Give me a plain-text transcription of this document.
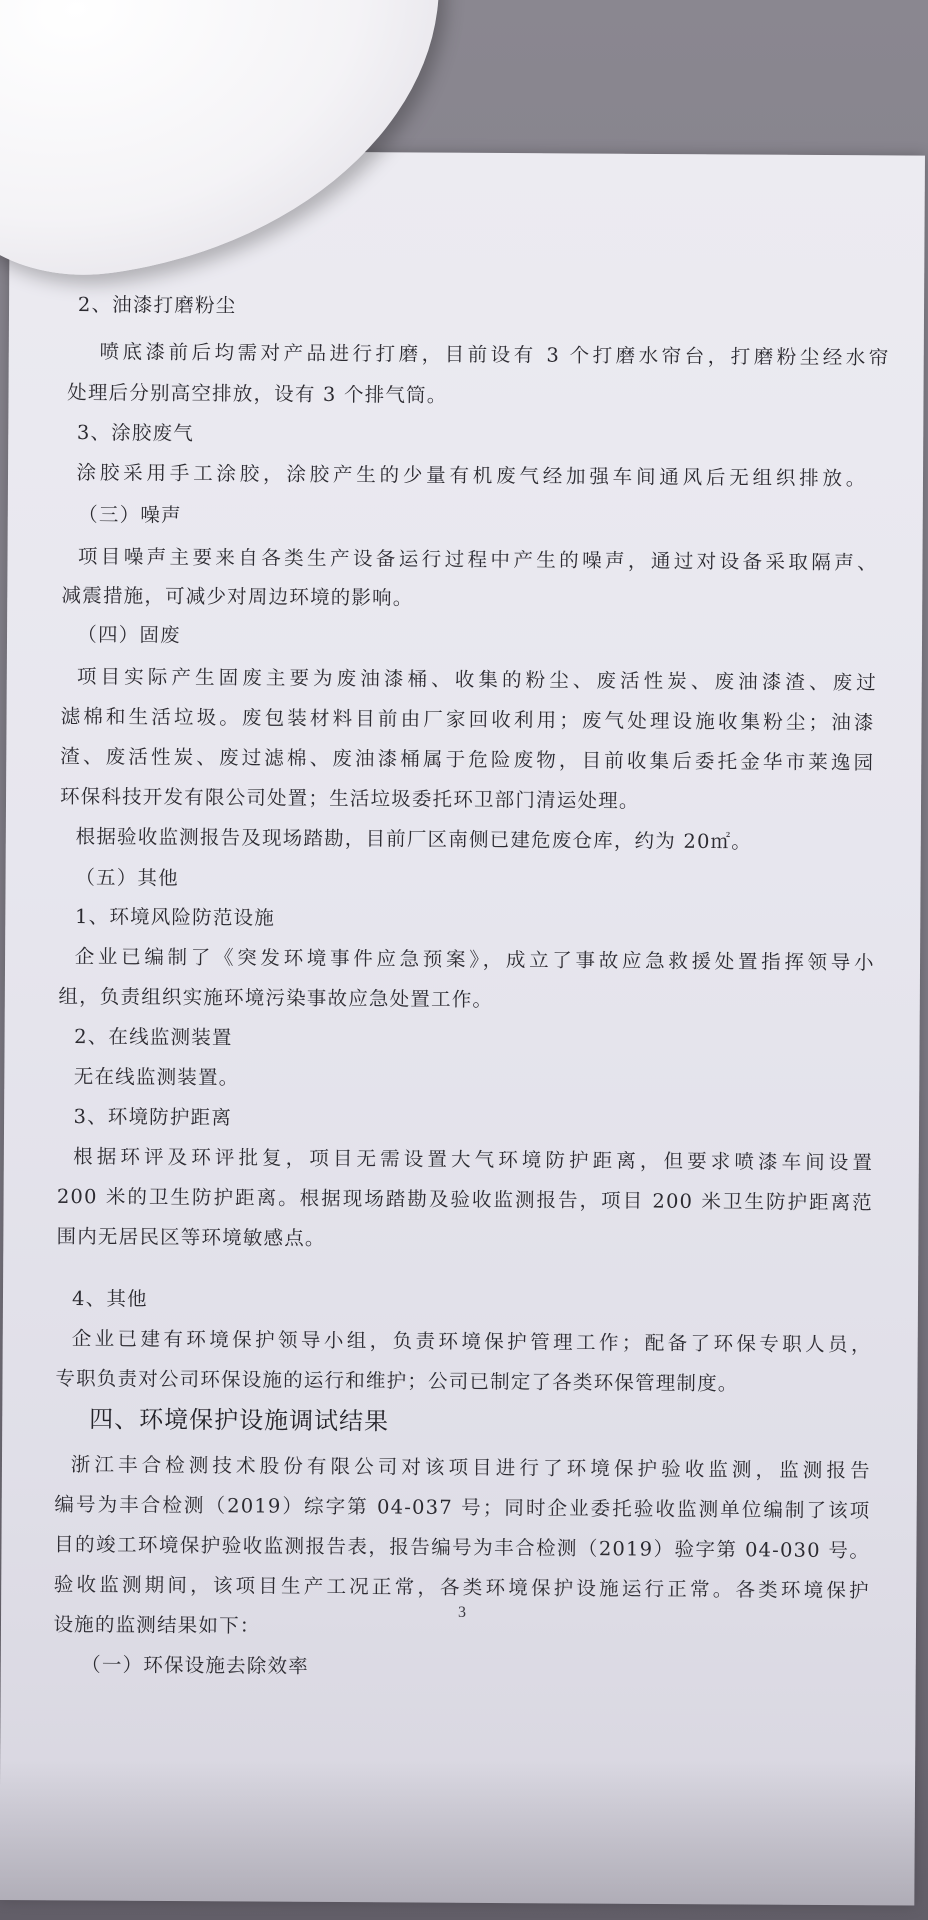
2、油漆打磨粉尘
喷底漆前后均需对产品进行打磨，目前设有 3 个打磨水帘台，打磨粉尘经水帘
处理后分别高空排放，设有 3 个排气筒。
3、涂胶废气
涂胶采用手工涂胶，涂胶产生的少量有机废气经加强车间通风后无组织排放。
（三）噪声
项目噪声主要来自各类生产设备运行过程中产生的噪声，通过对设备采取隔声、
减震措施，可减少对周边环境的影响。
（四）固废
项目实际产生固废主要为废油漆桶、收集的粉尘、废活性炭、废油漆渣、废过
滤棉和生活垃圾。废包装材料目前由厂家回收利用；废气处理设施收集粉尘；油漆
渣、废活性炭、废过滤棉、废油漆桶属于危险废物，目前收集后委托金华市莱逸园
环保科技开发有限公司处置；生活垃圾委托环卫部门清运处理。
根据验收监测报告及现场踏勘，目前厂区南侧已建危废仓库，约为 20㎡。
（五）其他
1、环境风险防范设施
企业已编制了《突发环境事件应急预案》，成立了事故应急救援处置指挥领导小
组，负责组织实施环境污染事故应急处置工作。
2、在线监测装置
无在线监测装置。
3、环境防护距离
根据环评及环评批复，项目无需设置大气环境防护距离，但要求喷漆车间设置
200 米的卫生防护距离。根据现场踏勘及验收监测报告，项目 200 米卫生防护距离范
围内无居民区等环境敏感点。
4、其他
企业已建有环境保护领导小组，负责环境保护管理工作；配备了环保专职人员，
专职负责对公司环保设施的运行和维护；公司已制定了各类环保管理制度。
四、环境保护设施调试结果
浙江丰合检测技术股份有限公司对该项目进行了环境保护验收监测，监测报告
编号为丰合检测（2019）综字第 04-037 号；同时企业委托验收监测单位编制了该项
目的竣工环境保护验收监测报告表，报告编号为丰合检测（2019）验字第 04-030 号。
验收监测期间，该项目生产工况正常，各类环境保护设施运行正常。各类环境保护
设施的监测结果如下：
（一）环保设施去除效率
3
